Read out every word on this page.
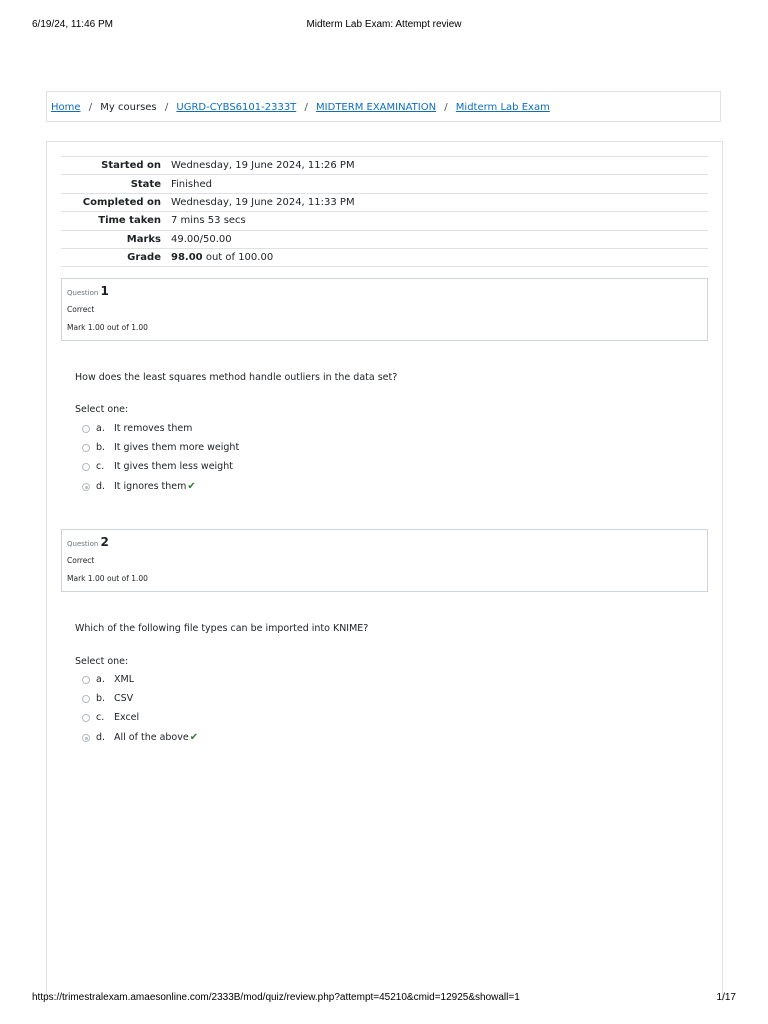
6/19/24, 11:46 PM	Midterm Lab Exam: Attempt review
Home / My courses / UGRD-CYBS6101-2333T / MIDTERM EXAMINATION / Midterm Lab Exam
Started on	Wednesday, 19 June 2024, 11:26 PM
State	Finished
Completed on	Wednesday, 19 June 2024, 11:33 PM
Time taken	7 mins 53 secs
Marks	49.00/50.00
Grade	98.00 out of 100.00
Question 1
Correct
Mark 1.00 out of 1.00
How does the least squares method handle outliers in the data set?
Select one:
a. It removes them
b. It gives them more weight
c. It gives them less weight
d. It ignores them✔
Question 2
Correct
Mark 1.00 out of 1.00
Which of the following file types can be imported into KNIME?
Select one:
a. XML
b. CSV
c. Excel
d. All of the above✔
https://trimestralexam.amaesonline.com/2333B/mod/quiz/review.php?attempt=45210&cmid=12925&showall=1	1/17
